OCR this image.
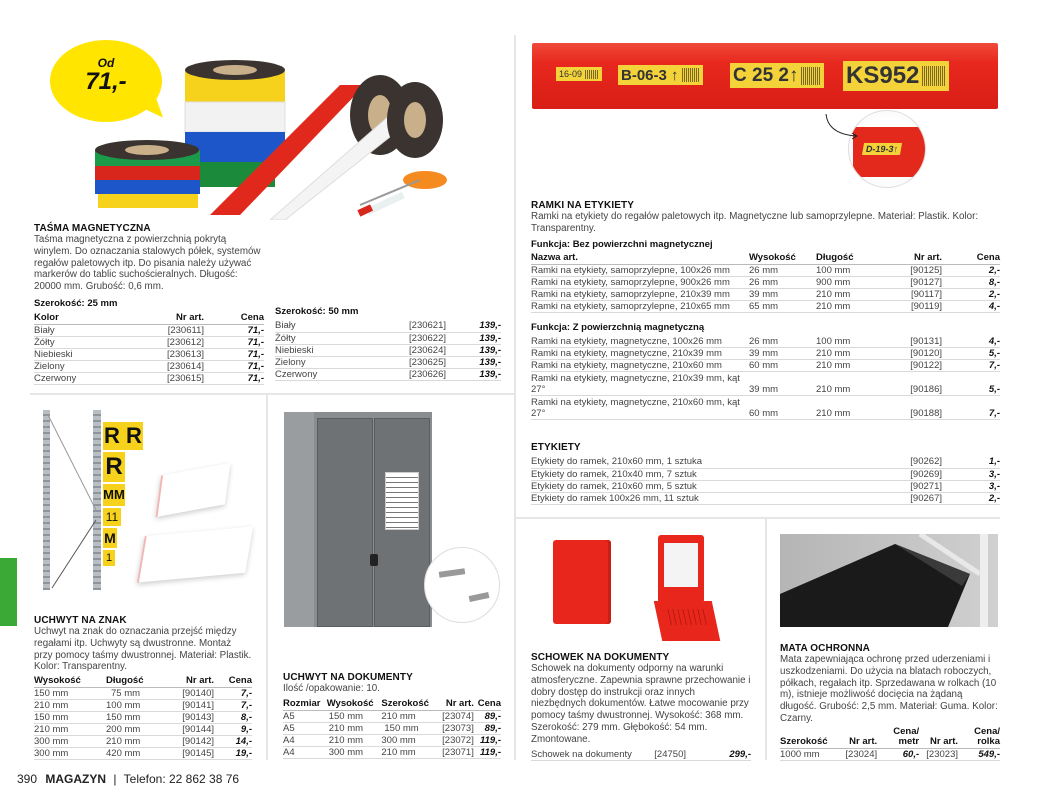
Od
71,-
TAŚMA MAGNETYCZNA
Taśma magnetyczna z powierzchnią pokrytą winylem. Do oznaczania stalowych półek, systemów regałów paletowych itp. Do pisania należy używać markerów do tablic suchościeralnych. Długość: 20000 mm. Grubość: 0,6 mm.
Szerokość: 25 mm
Kolor	Nr art.	Cena
Biały	[230611]	71,-
Żółty	[230612]	71,-
Niebieski	[230613]	71,-
Zielony	[230614]	71,-
Czerwony	[230615]	71,-
Szerokość: 50 mm
Biały	[230621]	139,-
Żółty	[230622]	139,-
Niebieski	[230624]	139,-
Zielony	[230625]	139,-
Czerwony	[230626]	139,-
16-09	B-06-3 ↑	C 25 2↑ KS952
D-19-3↑
RAMKI NA ETYKIETY
Ramki na etykiety do regałów paletowych itp. Magnetyczne lub samoprzylepne. Materiał: Plastik. Kolor: Transparentny.
Funkcja: Bez powierzchni magnetycznej
Nazwa art.	Wysokość	Długość	Nr art.	Cena
Ramki na etykiety, samoprzylepne, 100x26 mm	26 mm	100 mm	[90125]	2,-
Ramki na etykiety, samoprzylepne, 900x26 mm	26 mm	900 mm	[90127]	8,-
Ramki na etykiety, samoprzylepne, 210x39 mm	39 mm	210 mm	[90117]	2,-
Ramki na etykiety, samoprzylepne, 210x65 mm	65 mm	210 mm	[90119]	4,-
Funkcja: Z powierzchnią magnetyczną
Ramki na etykiety, magnetyczne, 100x26 mm	26 mm	100 mm	[90131]	4,-
Ramki na etykiety, magnetyczne, 210x39 mm	39 mm	210 mm	[90120]	5,-
Ramki na etykiety, magnetyczne, 210x60 mm	60 mm	210 mm	[90122]	7,-
Ramki na etykiety, magnetyczne, 210x39 mm, kąt 27°	39 mm	210 mm	[90186]	5,-
Ramki na etykiety, magnetyczne, 210x60 mm, kąt 27°	60 mm	210 mm	[90188]	7,-
ETYKIETY
Etykiety do ramek, 210x60 mm, 1 sztuka	[90262]	1,-
Etykiety do ramek, 210x40 mm, 7 sztuk	[90269]	3,-
Etykiety do ramek, 210x60 mm, 5 sztuk	[90271]	3,-
Etykiety do ramek 100x26 mm, 11 sztuk	[90267]	2,-
R R
R
MM
11
M
1
UCHWYT NA ZNAK
Uchwyt na znak do oznaczania przejść między regałami itp. Uchwyty są dwustronne. Montaż przy pomocy taśmy dwustronnej. Materiał: Plastik. Kolor: Transparentny.
Wysokość	Długość	Nr art.	Cena
150 mm	75 mm	[90140]	7,-
210 mm	100 mm	[90141]	7,-
150 mm	150 mm	[90143]	8,-
210 mm	200 mm	[90144]	9,-
300 mm	210 mm	[90142]	14,-
300 mm	420 mm	[90145]	19,-
UCHWYT NA DOKUMENTY
Ilość /opakowanie: 10.
Rozmiar	Wysokość	Szerokość	Nr art.	Cena
A5	150 mm	210 mm	[23074]	89,-
A5	210 mm	150 mm	[23073]	89,-
A4	210 mm	300 mm	[23072]	119,-
A4	300 mm	210 mm	[23071]	119,-
SCHOWEK NA DOKUMENTY
Schowek na dokumenty odporny na warunki atmosferyczne. Zapewnia sprawne przechowanie i dobry dostęp do instrukcji oraz innych niezbędnych dokumentów. Łatwe mocowanie przy pomocy taśmy dwustronnej. Wysokość: 368 mm. Szerokość: 279 mm. Głębokość: 54 mm. Zmontowane.
Schowek na dokumenty	[24750]	299,-
MATA OCHRONNA
Mata zapewniająca ochronę przed uderzeniami i uszkodzeniami. Do użycia na blatach roboczych, półkach, regałach itp. Sprzedawana w rolkach (10 m), istnieje możliwość docięcia na żądaną długość. Grubość: 2,5 mm. Materiał: Guma. Kolor: Czarny.
Szerokość	Nr art.	Cena/ metr	Nr art.	Cena/ rolka
1000 mm	[23024]	60,-	[23023]	549,-
390 MAGAZYN | Telefon: 22 862 38 76
